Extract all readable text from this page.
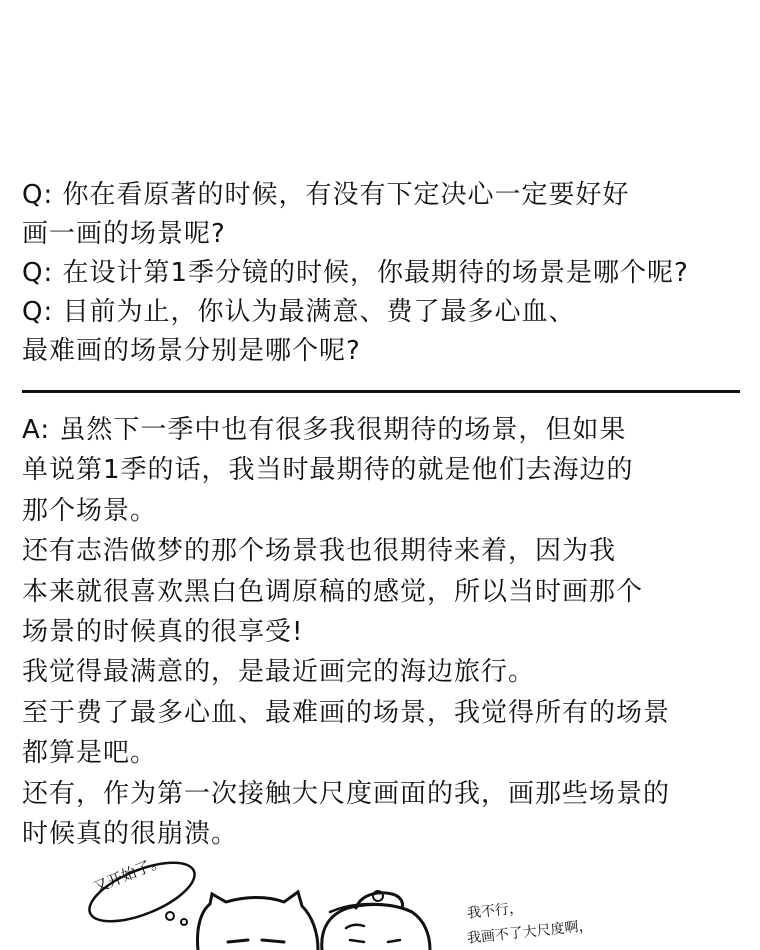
Q: 你在看原著的时候，有没有下定决心一定要好好
画一画的场景呢?
Q: 在设计第1季分镜的时候，你最期待的场景是哪个呢?
Q: 目前为止，你认为最满意、费了最多心血、
最难画的场景分别是哪个呢?
A: 虽然下一季中也有很多我很期待的场景，但如果
单说第1季的话，我当时最期待的就是他们去海边的
那个场景。
还有志浩做梦的那个场景我也很期待来着，因为我
本来就很喜欢黑白色调原稿的感觉，所以当时画那个
场景的时候真的很享受!
我觉得最满意的，是最近画完的海边旅行。
至于费了最多心血、最难画的场景，我觉得所有的场景
都算是吧。
还有，作为第一次接触大尺度画面的我，画那些场景的
时候真的很崩溃。
又开始了。
我不行，
我画不了大尺度啊，
